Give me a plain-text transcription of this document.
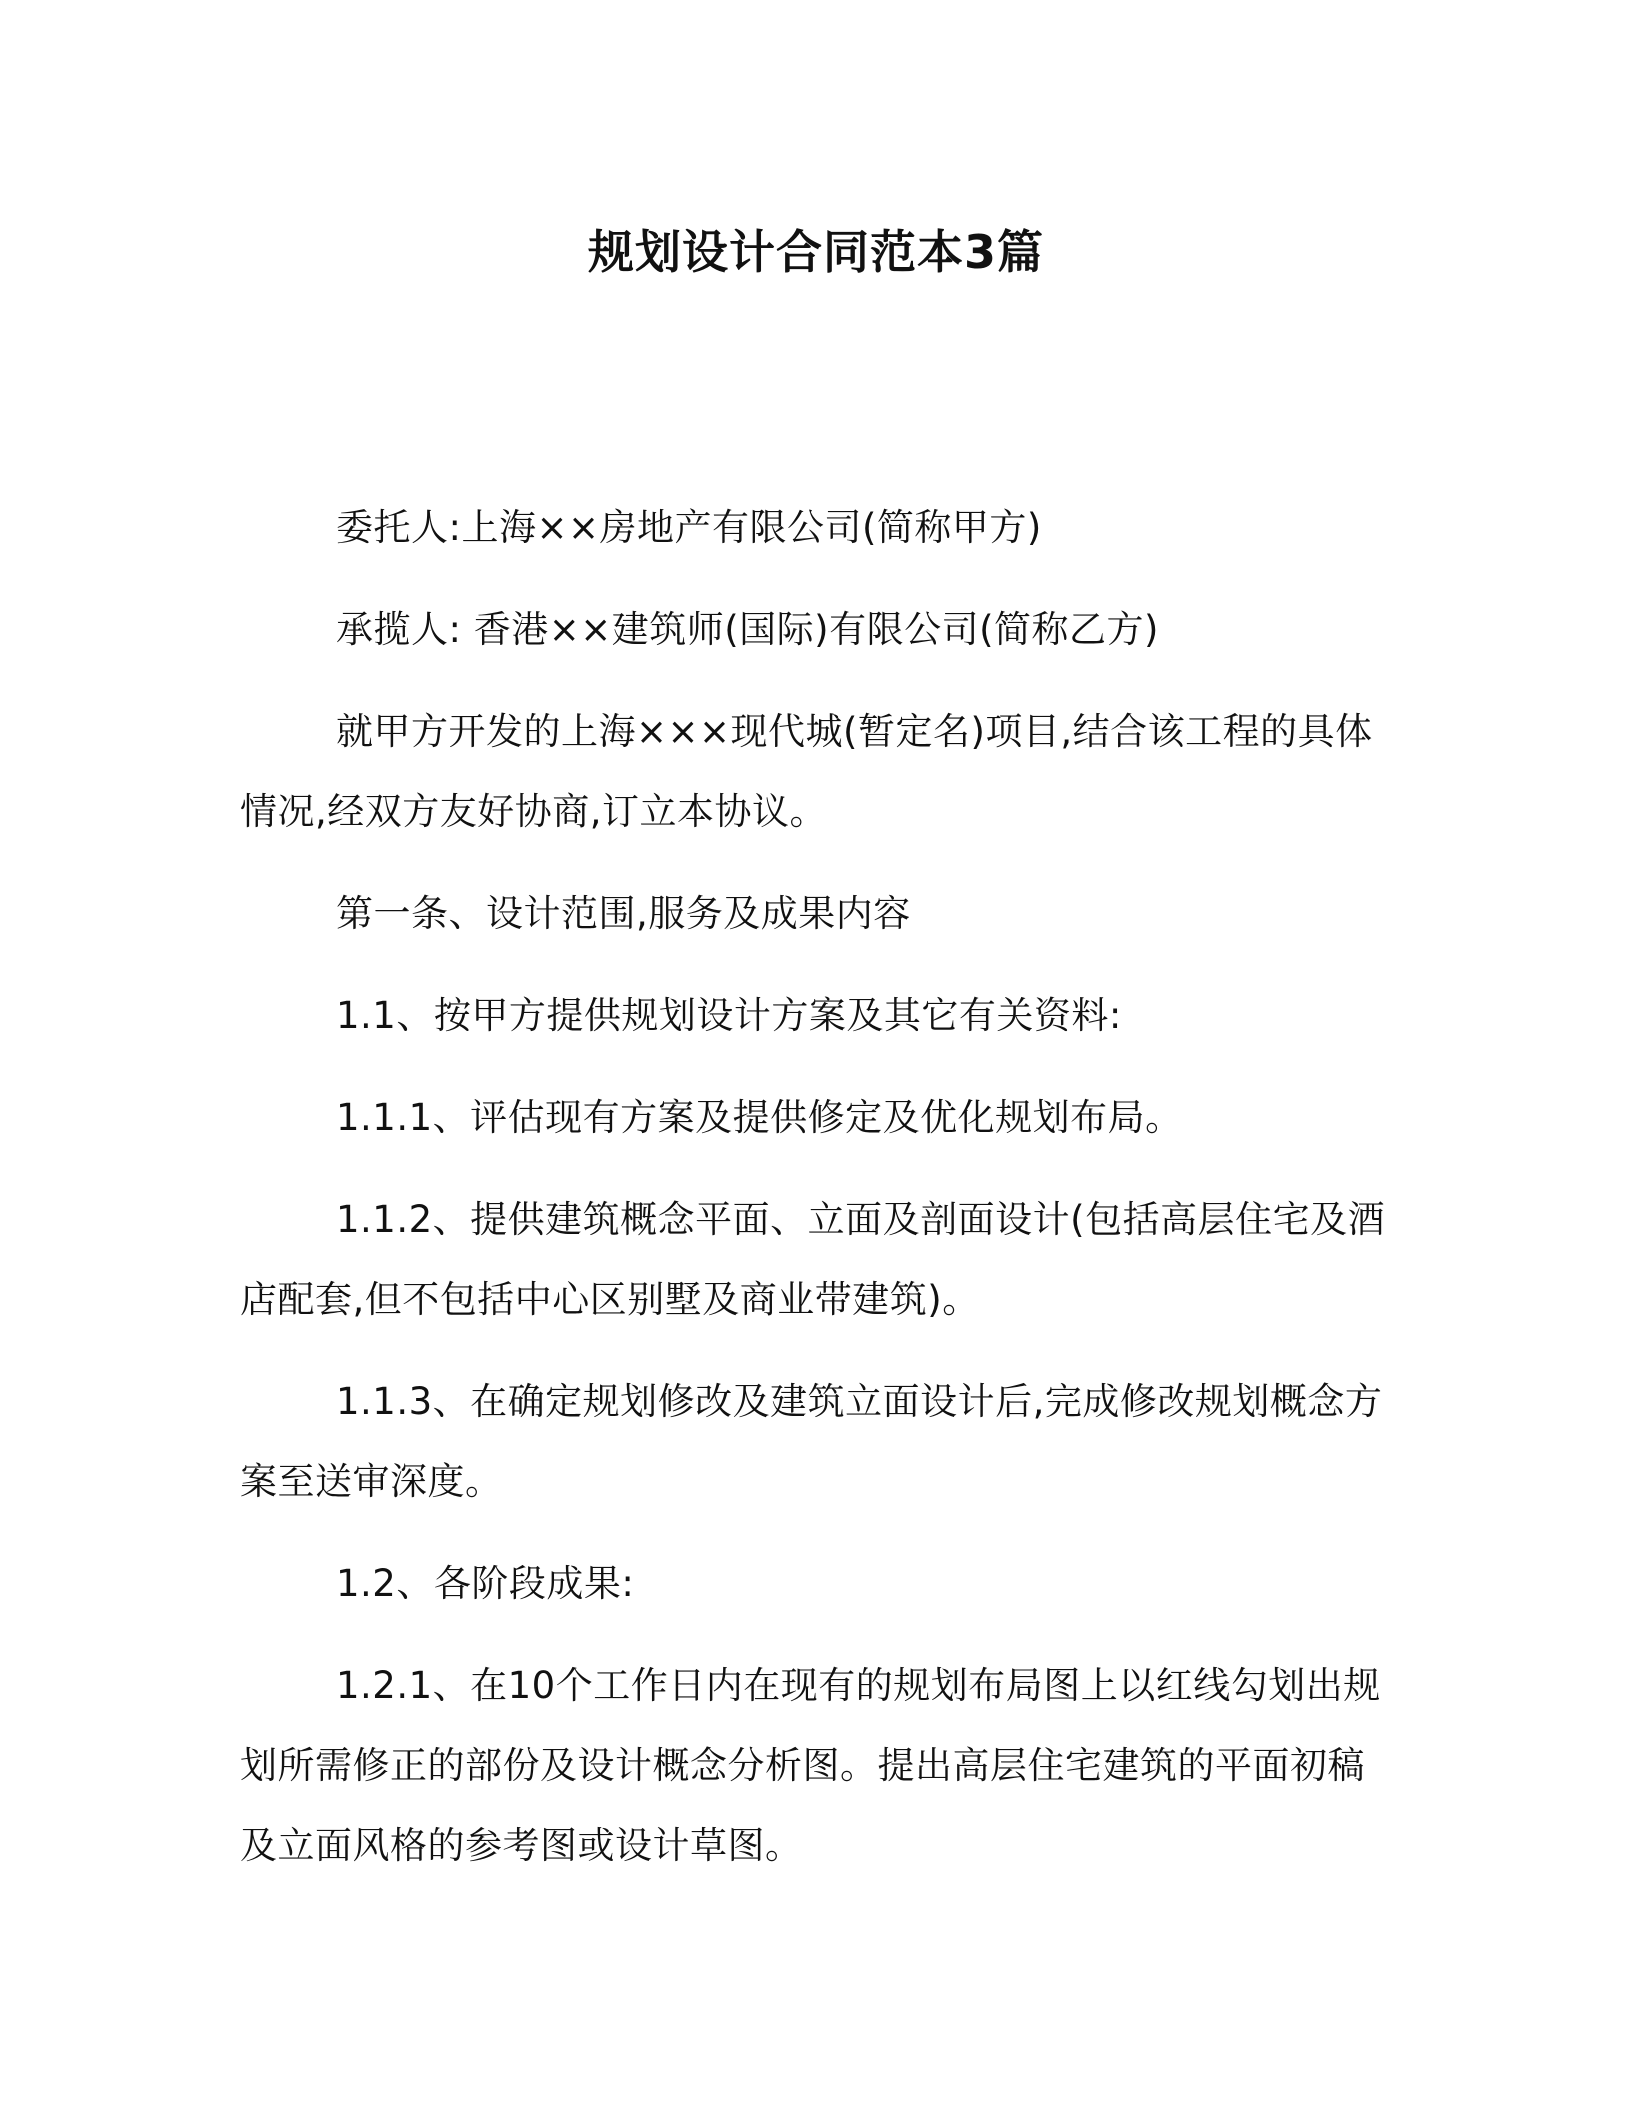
规划设计合同范本3篇

委托人:上海××房地产有限公司(简称甲方)

承揽人: 香港××建筑师(国际)有限公司(简称乙方)

就甲方开发的上海×××现代城(暂定名)项目,结合该工程的具体情况,经双方友好协商,订立本协议。

第一条、设计范围,服务及成果内容

1.1、按甲方提供规划设计方案及其它有关资料:

1.1.1、评估现有方案及提供修定及优化规划布局。

1.1.2、提供建筑概念平面、立面及剖面设计(包括高层住宅及酒店配套,但不包括中心区别墅及商业带建筑)。

1.1.3、在确定规划修改及建筑立面设计后,完成修改规划概念方案至送审深度。

1.2、各阶段成果:

1.2.1、在10个工作日内在现有的规划布局图上以红线勾划出规划所需修正的部份及设计概念分析图。提出高层住宅建筑的平面初稿及立面风格的参考图或设计草图。
